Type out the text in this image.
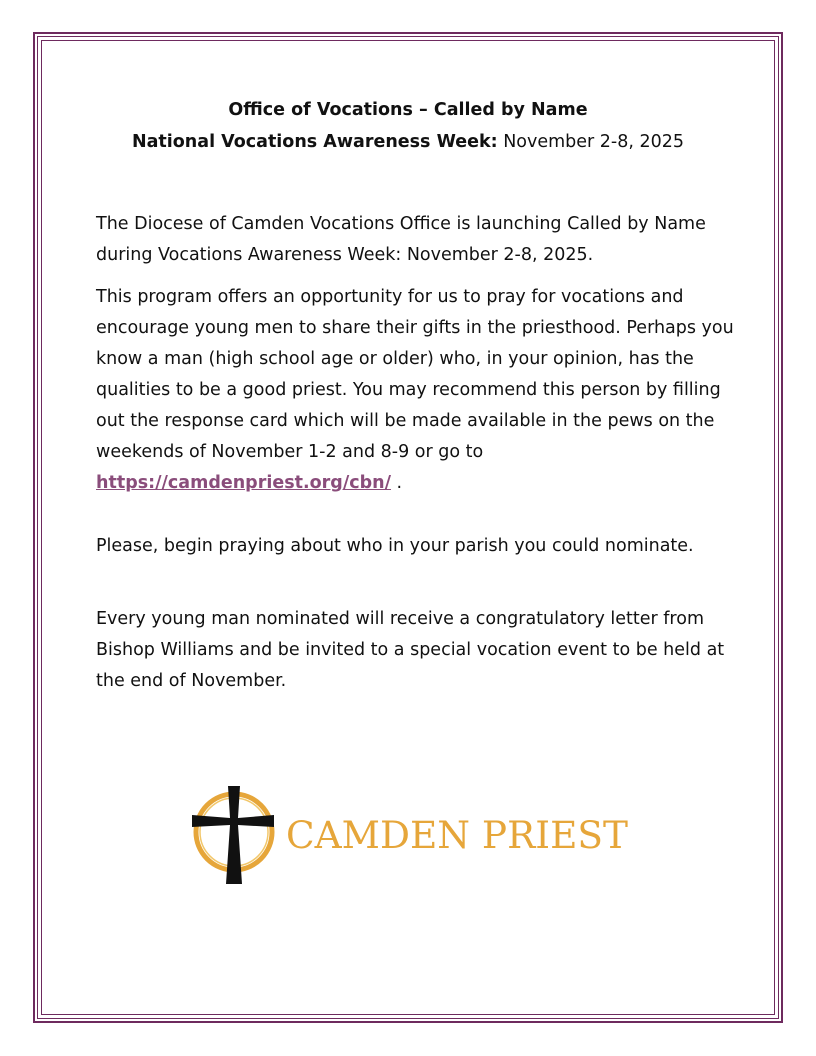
Office of Vocations – Called by Name
National Vocations Awareness Week: November 2-8, 2025

The Diocese of Camden Vocations Office is launching Called by Name during Vocations Awareness Week: November 2-8, 2025.

This program offers an opportunity for us to pray for vocations and encourage young men to share their gifts in the priesthood. Perhaps you know a man (high school age or older) who, in your opinion, has the qualities to be a good priest. You may recommend this person by filling out the response card which will be made available in the pews on the weekends of November 1-2 and 8-9 or go to https://camdenpriest.org/cbn/ .

Please, begin praying about who in your parish you could nominate.

Every young man nominated will receive a congratulatory letter from Bishop Williams and be invited to a special vocation event to be held at the end of November.

CAMDEN PRIEST
